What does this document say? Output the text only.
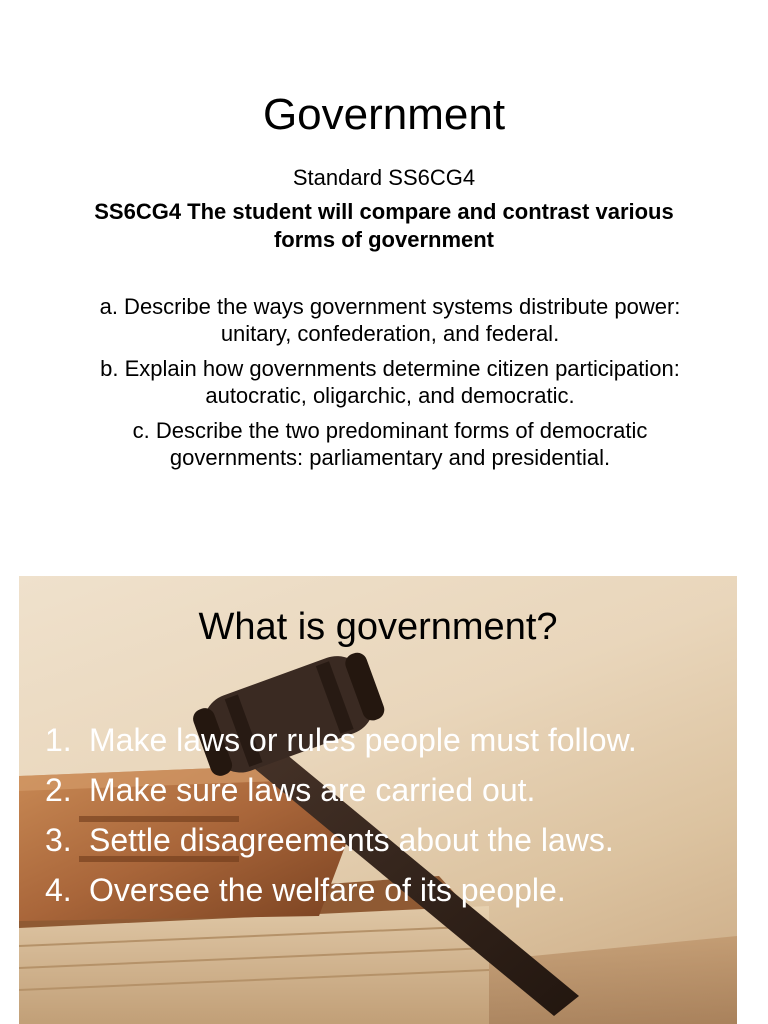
Government
Standard SS6CG4
SS6CG4 The student will compare and contrast various forms of government
a. Describe the ways government systems distribute power: unitary, confederation, and federal.
b. Explain how governments determine citizen participation: autocratic, oligarchic, and democratic.
c. Describe the two predominant forms of democratic governments: parliamentary and presidential.
What is government?
1. Make laws or rules people must follow.
2. Make sure laws are carried out.
3. Settle disagreements about the laws.
4. Oversee the welfare of its people.
